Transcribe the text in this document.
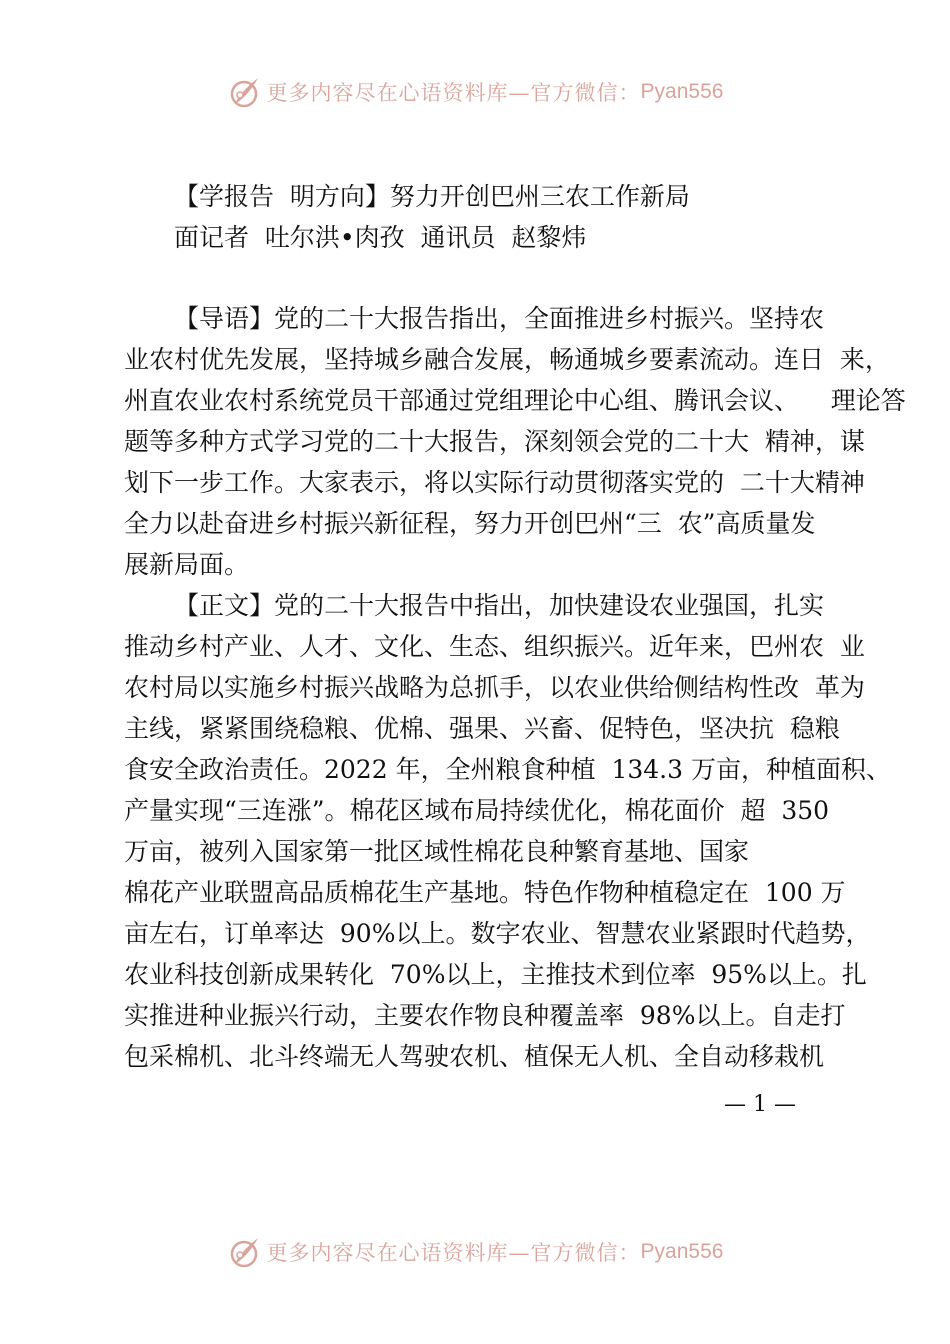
更多内容尽在心语资料库—官方微信： Pyan556
【学报告  明方向】努力开创巴州三农工作新局
面记者  吐尔洪•肉孜  通讯员  赵黎炜

【导语】党的二十大报告指出，全面推进乡村振兴。坚持农
业农村优先发展，坚持城乡融合发展，畅通城乡要素流动。连日  来，
州直农业农村系统党员干部通过党组理论中心组、腾讯会议、    理论答
题等多种方式学习党的二十大报告，深刻领会党的二十大  精神，谋
划下一步工作。大家表示，将以实际行动贯彻落实党的  二十大精神
全力以赴奋进乡村振兴新征程，努力开创巴州“三  农”高质量发
展新局面。

【正文】党的二十大报告中指出，加快建设农业强国，扎实
推动乡村产业、人才、文化、生态、组织振兴。近年来，巴州农  业
农村局以实施乡村振兴战略为总抓手，以农业供给侧结构性改  革为
主线，紧紧围绕稳粮、优棉、强果、兴畜、促特色，坚决抗  稳粮
食安全政治责任。2022 年，全州粮食种植  134.3 万亩，种植面积、
产量实现“三连涨”。棉花区域布局持续优化，棉花面价  超  350
万亩，被列入国家第一批区域性棉花良种繁育基地、国家
棉花产业联盟高品质棉花生产基地。特色作物种植稳定在  100 万
亩左右，订单率达  90%以上。数字农业、智慧农业紧跟时代趋势，
农业科技创新成果转化  70%以上，主推技术到位率  95%以上。扎
实推进种业振兴行动，主要农作物良种覆盖率  98%以上。自走打
包采棉机、北斗终端无人驾驶农机、植保无人机、全自动移栽机

— 1 —
更多内容尽在心语资料库—官方微信： Pyan556
